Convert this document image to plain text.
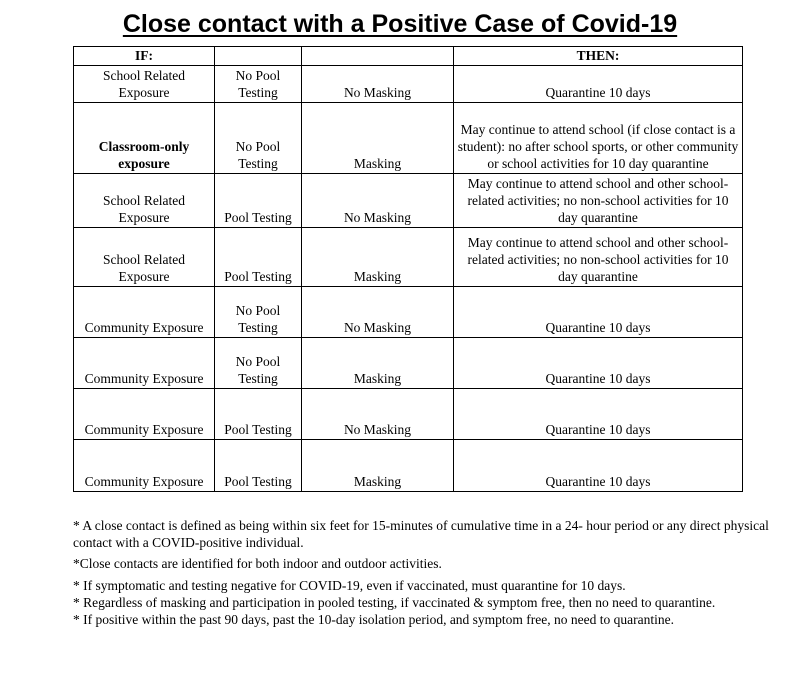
Close contact with a Positive Case of Covid-19
IF:			THEN:
School Related Exposure	No Pool Testing	No Masking	Quarantine 10 days
Classroom-only exposure	No Pool Testing	Masking	May continue to attend school (if close contact is a student): no after school sports, or other community or school activities for 10 day quarantine
School Related Exposure	Pool Testing	No Masking	May continue to attend school and other school-related activities; no non-school activities for 10 day quarantine
School Related Exposure	Pool Testing	Masking	May continue to attend school and other school-related activities; no non-school activities for 10 day quarantine
Community Exposure	No Pool Testing	No Masking	Quarantine 10 days
Community Exposure	No Pool Testing	Masking	Quarantine 10 days
Community Exposure	Pool Testing	No Masking	Quarantine 10 days
Community Exposure	Pool Testing	Masking	Quarantine 10 days

* A close contact is defined as being within six feet for 15-minutes of cumulative time in a 24- hour period or any direct physical contact with a COVID-positive individual.

*Close contacts are identified for both indoor and outdoor activities.

* If symptomatic and testing negative for COVID-19, even if vaccinated, must quarantine for 10 days.

* Regardless of masking and participation in pooled testing, if vaccinated & symptom free, then no need to quarantine.

* If positive within the past 90 days, past the 10-day isolation period, and symptom free, no need to quarantine.
